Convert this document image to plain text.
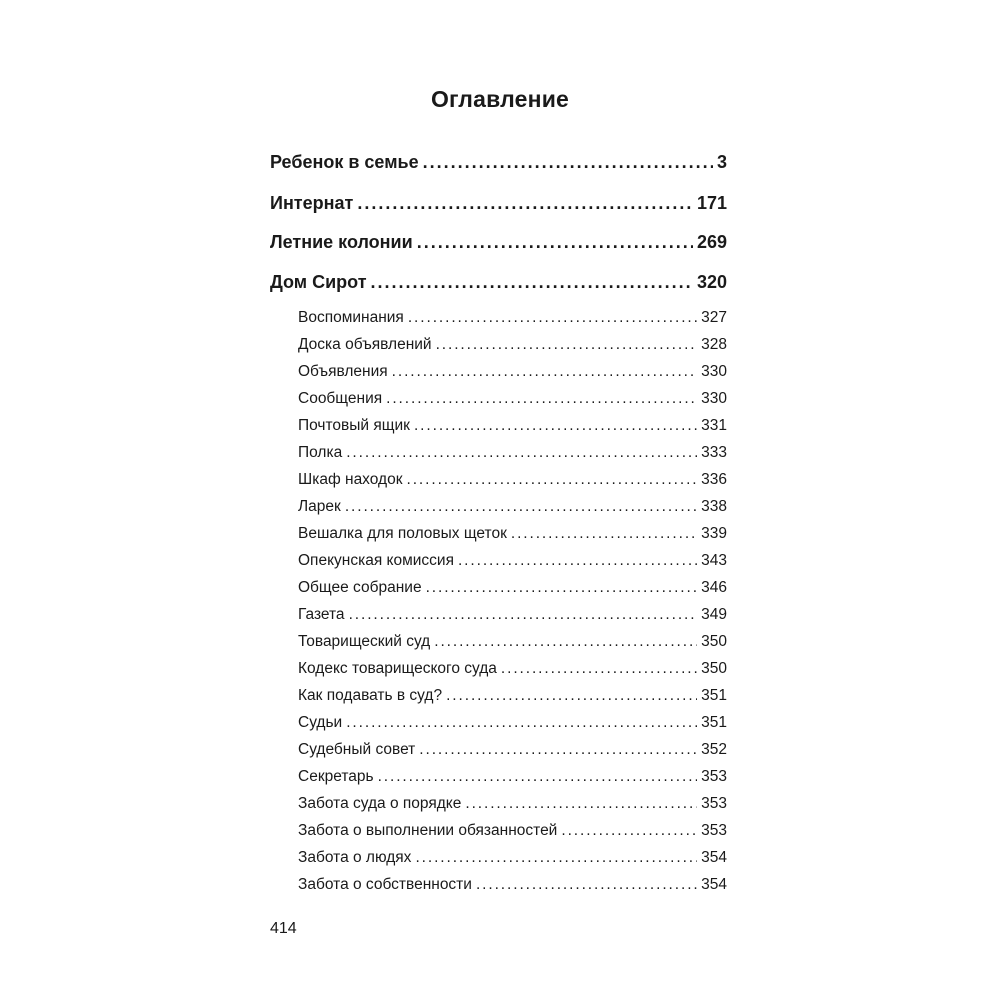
Оглавление
Ребенок в семье . . .	3
Интернат . . .	171
Летние колонии . . .	269
Дом Сирот . . .	320
Воспоминания . . .	327
Доска объявлений . . .	328
Объявления . . .	330
Сообщения . . .	330
Почтовый ящик . . .	331
Полка . . .	333
Шкаф находок . . .	336
Ларек . . .	338
Вешалка для половых щеток . . .	339
Опекунская комиссия . . .	343
Общее собрание . . .	346
Газета . . .	349
Товарищеский суд . . .	350
Кодекс товарищеского суда . . .	350
Как подавать в суд? . . .	351
Судьи . . .	351
Судебный совет . . .	352
Секретарь . . .	353
Забота суда о порядке . . .	353
Забота о выполнении обязанностей . . .	353
Забота о людях . . .	354
Забота о собственности . . .	354
414
